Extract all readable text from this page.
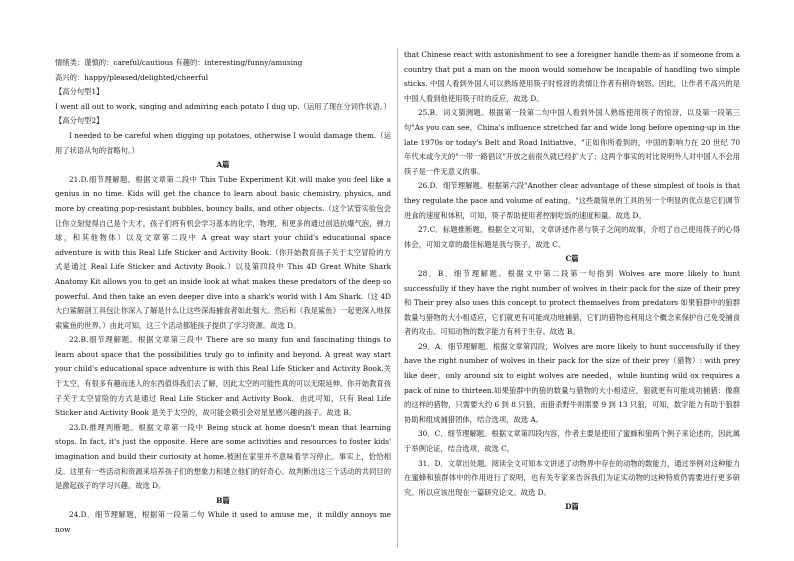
情绪类：谨慎的：careful/cautious 有趣的：interesting/funny/amusing
高兴的：happy/pleased/delighted/cheerful
【高分句型1】
I went all out to work, singing and admiring each potato I dug up.（运用了现在分词作状语。）
【高分句型2】

I needed to be careful when digging up potatoes, otherwise I would damage them.（运用了状语从句的省略句。）

A篇

21.D.细节理解题。根据文章第二段中 This Tube Experiment Kit will make you feel like a genius in no time. Kids will get the chance to learn about basic chemistry, physics, and more by creating pop-resistant bubbles, bouncy balls, and other objects.（这个试管实验包会让你立刻觉得自己是个天才。孩子们将有机会学习基本的化学，物理，和更多的通过创造抗爆气泡，弹力球，和其他物体）以及文章第二段中 A great way start your child's educational space adventure is with this Real Life Sticker and Activity Book.（你开始教育孩子关于太空冒险的方式是通过 Real Life Sticker and Activity Book.）以及第四段中 This 4D Great White Shark Anatomy Kit allows you to get an inside look at what makes these predators of the deep so powerful. And then take an even deeper dive into a shark's world with I Am Shark.（这 4D 大白鲨解剖工具包让你深入了解是什么让这些深海捕食者如此强大。然后和《我是鲨鱼》一起更深入地探索鲨鱼的世界。）由此可知，这三个活动都能孩子提供了学习资源。故选 D。

22.B.细节理解题。根据文章第三段中 There are so many fun and fascinating things to learn about space that the possibilities truly go to infinity and beyond. A great way start your child's educational space adventure is with this Real Life Sticker and Activity Book.关于太空，有很多有趣而迷人的东西值得我们去了解，因此太空的可能性真的可以无限延伸。你开始教育孩子关于太空冒险的方式是通过 Real Life Sticker and Activity Book。由此可知，只有 Real Life Sticker and Activity Book 是关于太空的，故可能会吸引会对星星感兴趣的孩子。故选 B。

23.D.推理判断题。根据文章第一段中 Being stuck at home doesn't mean that learning stops. In fact, it's just the opposite. Here are some activities and resources to foster kids' imagination and build their curiosity at home.被困在家里并不意味着学习停止。事实上，恰恰相反。这里有一些活动和资源来培养孩子们的想象力和建立他们的好奇心。故判断出这三个活动的共同目的是激起孩子的学习兴趣。故选 D。

B篇

24.D．细节理解题，根据第一段第二句 While it used to amuse me，it mildly annoys me now

that Chinese react with astonishment to see a foreigner handle them-as if someone from a country that put a man on the moon would somehow be incapable of handling two simple sticks. 中国人看到外国人可以熟练使用筷子时惊讶的表情让作者有稍许恼怒。因此，让作者不高兴的是中国人看到他使用筷子时的反应，故选 D。

25.B．词义猜测题。根据第一段第二句中国人看到外国人熟练使用筷子的惊讶，以及第一段第三句"As you can see，China's influence stretched far and wide long before opening-up in the late 1970s or today's Belt and Road Initiative。"正如你所看到的，中国的影响力在 20 世纪 70 年代末或今天的"一带一路倡议"开放之前很久就已经扩大了；这两个事实的对比说明外人对中国人不会用筷子是一件无意义的事。

26.D．细节理解题。根据第六段"Another clear advantage of these simplest of tools is that they regulate the pace and volume of eating。"这些最简单的工具的另一个明显的优点是它们调节进食的速度和体积，可知，筷子帮助使用者控制吃饭的速度和量。故选 D。

27.C．标题推断题。根据全文可知，文章讲述作者与筷子之间的故事，介绍了自己使用筷子的心得体会，可知文章的最佳标题是我与筷子，故选 C。

C篇

28．B．细节理解题。根据文中第二段第一句指到 Wolves are more likely to hunt successfully if they have the right number of wolves in their pack for the size of their prey 和 Their prey also uses this concept to protect themselves from predators 如果狼群中的狼群数量与猎物的大小相适应，它们就更有可能成功地捕猎，它们的猎物也利用这个概念来保护自己免受捕食者的攻击。可知动物的数字能力有利于生存。故选 B。

29．A．细节理解题。根据文章第四段，Wolves are more likely to hunt successfully if they have the right number of wolves in their pack for the size of their prey（猎物）: with prey like deer，only around six to eight wolves are needed，while hunting wild ox requires a pack of nine to thirteen.如果狼群中的狼的数量与猎物的大小相适应，狼就更有可能成功捕猎：像鹿的这样的猎物，只需要大约 6 到 8 只狼，而猎杀野牛则需要 9 到 13 只狼，可知，数字能力有助于狼群协助和组成捕猎团体，结合选项，故选 A。

30．C．细节理解题。根据文章第四段内容，作者主要是使用了蜜蜂和狼两个例子来论述的，因此属于举例论证，结合选项，故选 C。

31．D．文章出处题。阅读全文可知本文讲述了动物界中存在的动物的数能力，通过举例对这种能力在蜜蜂和狼群体中的作用进行了说明，也有关专家来告诉我们为证实动物的这种特质仍需要进行更多研究。所以应该出现在一篇研究论文。故选 D。

D篇
